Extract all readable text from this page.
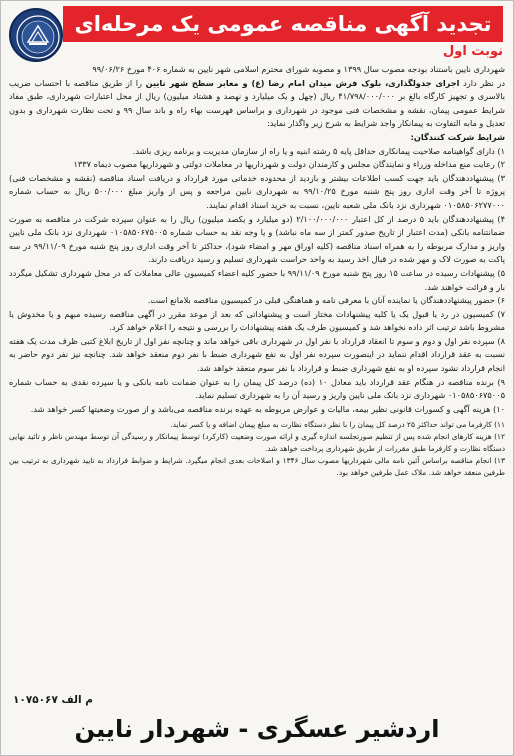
تجدید آگهی مناقصه عمومی یک مرحله‌ای
نوبت اول

شهرداری نایین باستناد بودجه مصوب سال ۱۳۹۹ و مصوبه شورای محترم اسلامی شهر نایین به شماره ۴۰۶ مورخ ۹۹/۰۶/۲۶

در نظر دارد اجرای جدولگذاری، بلوک فرش میدان امام رضا (ع) و معابر سطح شهر نایین را از طریق مناقصه با احتساب ضریب بالاسری و تجهیز کارگاه بالغ بر ۴۱/۷۹۸/۰۰۰/۰۰۰ ریال (چهل و یک میلیارد و نهصد و هشتاد میلیون) ریال از محل اعتبارات شهرداری، طبق مفاد شرایط عمومی پیمان، نقشه و مشخصات فنی موجود در شهرداری و براساس فهرست بهاء راه و باند سال ۹۹ و تحت نظارت شهرداری و بدون تعدیل و مابه التفاوت به پیمانکار واجد شرایط به شرح زیر واگذار نماید:

شرایط شرکت کنندگان:

۱) دارای گواهینامه صلاحیت پیمانکاری حداقل پایه ۵ رشته ابنیه و یا راه از سازمان مدیریت و برنامه ریزی باشد.
۲) رعایت منع مداخله وزراء و نمایندگان مجلس و کارمندان دولت و شهرداریها در معاملات دولتی و شهرداریها مصوب دیماه ۱۳۳۷
۳) پیشنهاددهندگان باید جهت کسب اطلاعات بیشتر و بازدید از محدوده خدماتی مورد قرارداد و دریافت اسناد مناقصه (نقشه و مشخصات فنی) پروژه تا آخر وقت اداری روز پنج شنبه مورخ ۹۹/۱۰/۲۵ به شهرداری نایین مراجعه و پس از واریز مبلغ ۵۰۰/۰۰۰ ریال به حساب شماره ۰۱۰۵۸۵۰۶۲۷۷۰۰۰ شهرداری نزد بانک ملی شعبه نایین، نسبت به خرید اسناد اقدام نمایند.
۴) پیشنهاددهندگان باید ۵ درصد از کل اعتبار ۲/۱۰۰/۰۰۰/۰۰۰ (دو میلیارد و یکصد میلیون) ریال را به عنوان سپرده شرکت در مناقصه به صورت ضمانتنامه بانکی (مدت اعتبار از تاریخ صدور کمتر از سه ماه نباشد) و یا وجه نقد به حساب شماره ۰۱۰۵۸۵۰۶۷۵۰۰۵ شهرداری نزد بانک ملی نایین واریز و مدارک مربوطه را به همراه اسناد مناقصه (کلیه اوراق مهر و امضاء شود)، حداکثر تا آخر وقت اداری روز پنج شنبه مورخ ۹۹/۱۱/۰۹ در سه پاکت به صورت لاک و مهر شده در قبال اخذ رسید به واحد حراست شهرداری تسلیم و رسید دریافت دارند.
۵) پیشنهادات رسیده در ساعت ۱۵ روز پنج شنبه مورخ ۹۹/۱۱/۰۹ با حضور کلیه اعضاء کمیسیون عالی معاملات که در محل شهرداری تشکیل میگردد باز و قرائت خواهند شد.
۶) حضور پیشنهاددهندگان یا نماینده آنان با معرفی نامه و هماهنگی قبلی در کمیسیون مناقصه بلامانع است.
۷) کمیسیون در رد یا قبول یک یا کلیه پیشنهادات مختار است و پیشنهاداتی که بعد از موعد مقرر در آگهی مناقصه رسیده مبهم و یا مخدوش یا مشروط باشد ترتیب اثر داده نخواهد شد و کمیسیون طرف یک هفته پیشنهادات را بررسی و نتیجه را اعلام خواهد کرد.
۸) سپرده نفر اول و دوم و سوم تا انعقاد قرارداد با نفر اول در شهرداری باقی خواهد ماند و چنانچه نفر اول از تاریخ ابلاغ کتبی ظرف مدت یک هفته نسبت به عقد قرارداد اقدام ننماید در اینصورت سپرده نفر اول به نفع شهرداری ضبط با نفر دوم منعقد خواهد شد. چنانچه نیز نفر دوم حاضر به انجام قرارداد نشود سپرده او به نفع شهرداری ضبط و قرارداد با نفر سوم منعقد خواهد شد.
۹) برنده مناقصه در هنگام عقد قرارداد باید معادل ۱۰ (ده) درصد کل پیمان را به عنوان ضمانت نامه بانکی و یا سپرده نقدی به حساب شماره ۰۱۰۵۸۵۰۶۷۵۰۰۵ شهرداری نزد بانک ملی نایین واریز و رسید آن را به شهرداری تسلیم نماید.
۱۰) هزینه آگهی و کسورات قانونی نظیر بیمه، مالیات و عوارض مربوطه به عهده برنده مناقصه می‌باشد و از صورت وضعیتها کسر خواهد شد.
۱۱) کارفرما می تواند حداکثر ۲۵ درصد کل پیمان را با نظر دستگاه نظارت به مبلغ پیمان اضافه و یا کسر نماید.
۱۲) هزینه کارهای انجام شده پس از تنظیم صورتجلسه اندازه گیری و ارائه صورت وضعیت (کارکرد) توسط پیمانکار و رسیدگی آن توسط مهندس ناظر و تائید نهایی دستگاه نظارت و کارفرما طبق مقررات از طریق شهرداری پرداخت خواهد شد.
۱۳) انجام مناقصه براساس آئین نامه مالی شهرداریها مصوب سال ۱۳۴۶ و اصلاحات بعدی انجام میگیرد. شرایط و ضوابط قرارداد به تایید شهرداری به ترتیب بین طرفین منعقد خواهد شد. ملاک عمل طرفین خواهد بود.
م الف ۱۰۷۵۰۶۷
اردشیر عسگری - شهردار نایین
